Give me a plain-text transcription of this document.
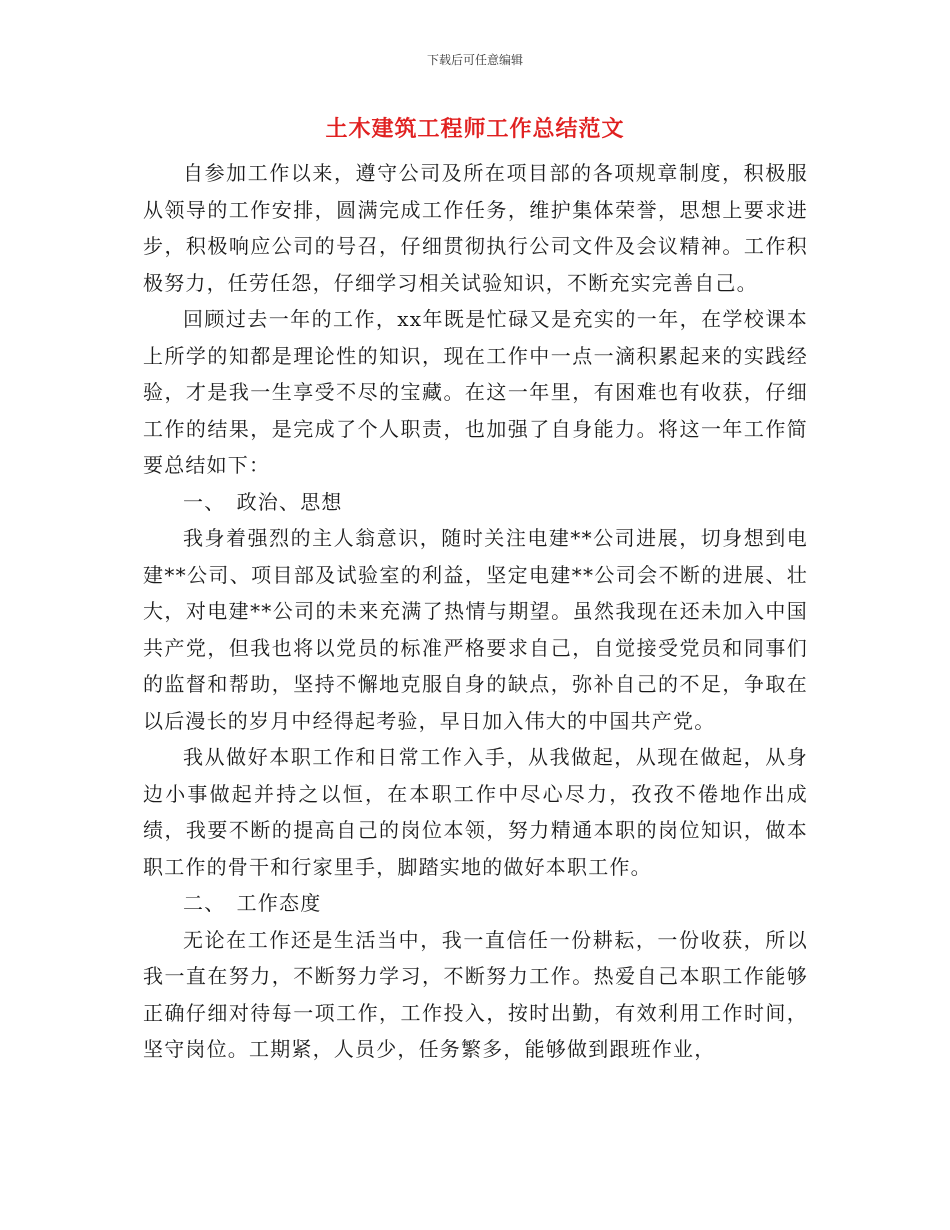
下载后可任意编辑
土木建筑工程师工作总结范文

自参加工作以来，遵守公司及所在项目部的各项规章制度，积极服从领导的工作安排，圆满完成工作任务，维护集体荣誉，思想上要求进步，积极响应公司的号召，仔细贯彻执行公司文件及会议精神。工作积极努力，任劳任怨，仔细学习相关试验知识，不断充实完善自己。

回顾过去一年的工作，xx年既是忙碌又是充实的一年，在学校课本上所学的知都是理论性的知识，现在工作中一点一滴积累起来的实践经验，才是我一生享受不尽的宝藏。在这一年里，有困难也有收获，仔细工作的结果，是完成了个人职责，也加强了自身能力。将这一年工作简要总结如下：

一、　政治、思想

我身着强烈的主人翁意识，随时关注电建**公司进展，切身想到电建**公司、项目部及试验室的利益，坚定电建**公司会不断的进展、壮大，对电建**公司的未来充满了热情与期望。虽然我现在还未加入中国共产党，但我也将以党员的标准严格要求自己，自觉接受党员和同事们的监督和帮助，坚持不懈地克服自身的缺点，弥补自己的不足，争取在以后漫长的岁月中经得起考验，早日加入伟大的中国共产党。

我从做好本职工作和日常工作入手，从我做起，从现在做起，从身边小事做起并持之以恒，在本职工作中尽心尽力，孜孜不倦地作出成绩，我要不断的提高自己的岗位本领，努力精通本职的岗位知识，做本职工作的骨干和行家里手，脚踏实地的做好本职工作。

二、　工作态度

无论在工作还是生活当中，我一直信任一份耕耘，一份收获，所以我一直在努力，不断努力学习，不断努力工作。热爱自己本职工作能够正确仔细对待每一项工作，工作投入，按时出勤，有效利用工作时间，坚守岗位。工期紧，人员少，任务繁多，能够做到跟班作业，
